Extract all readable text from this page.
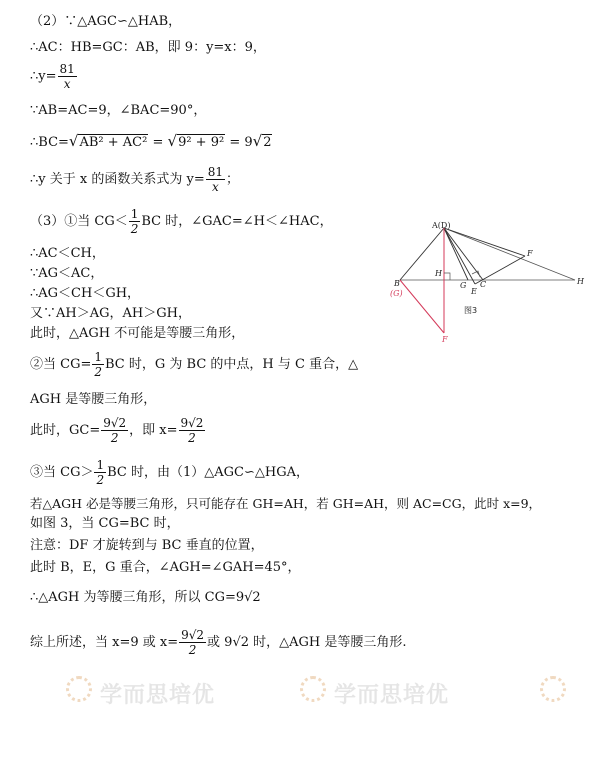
（2）∵△AGC∽△HAB，
∴AC：HB=GC：AB，即 9：y=x：9，
∴y= $\frac{81}{x}$
∵AB=AC=9，∠BAC=90°，
∴BC=√AB² + AC² = √9² + 9² = 9√2
∴y 关于 x 的函数关系式为 $y= \frac{81}{x}$ ；
（3）①当 $CG< \frac{1}{2}$ BC 时，∠GAC=∠H＜∠HAC，
∴AC＜CH，
∵AG＜AC，
∴AG＜CH＜GH，
又∵AH＞AG，AH＞GH，
此时，△AGH 不可能是等腰三角形，
②当 $CG= \frac{1}{2}$ BC 时，G 为 BC 的中点，H 与 C 重合，△
AGH 是等腰三角形，
此时，$GC= \frac{9√2}{2}$ ，即 $x= \frac{9√2}{2}$
③当 $CG> \frac{1}{2}$ BC 时，由（1）△AGC∽△HGA，
若△AGH 必是等腰三角形，只可能存在 GH=AH，若 GH=AH，则 AC=CG，此时 x=9，
如图 3，当 CG=BC 时，
注意：DF 才旋转到与 BC 垂直的位置，
此时 B，E，G 重合，∠AGH=∠GAH=45°，
∴△AGH 为等腰三角形，所以 CG=9√2
综上所述，当 x=9 或 $x= \frac{9√2}{2}$ 或 9√2 时，△AGH 是等腰三角形.
A(D)
F
H
H
B
(G)
G
E
C
F
图3
学而思培优	学而思培优
